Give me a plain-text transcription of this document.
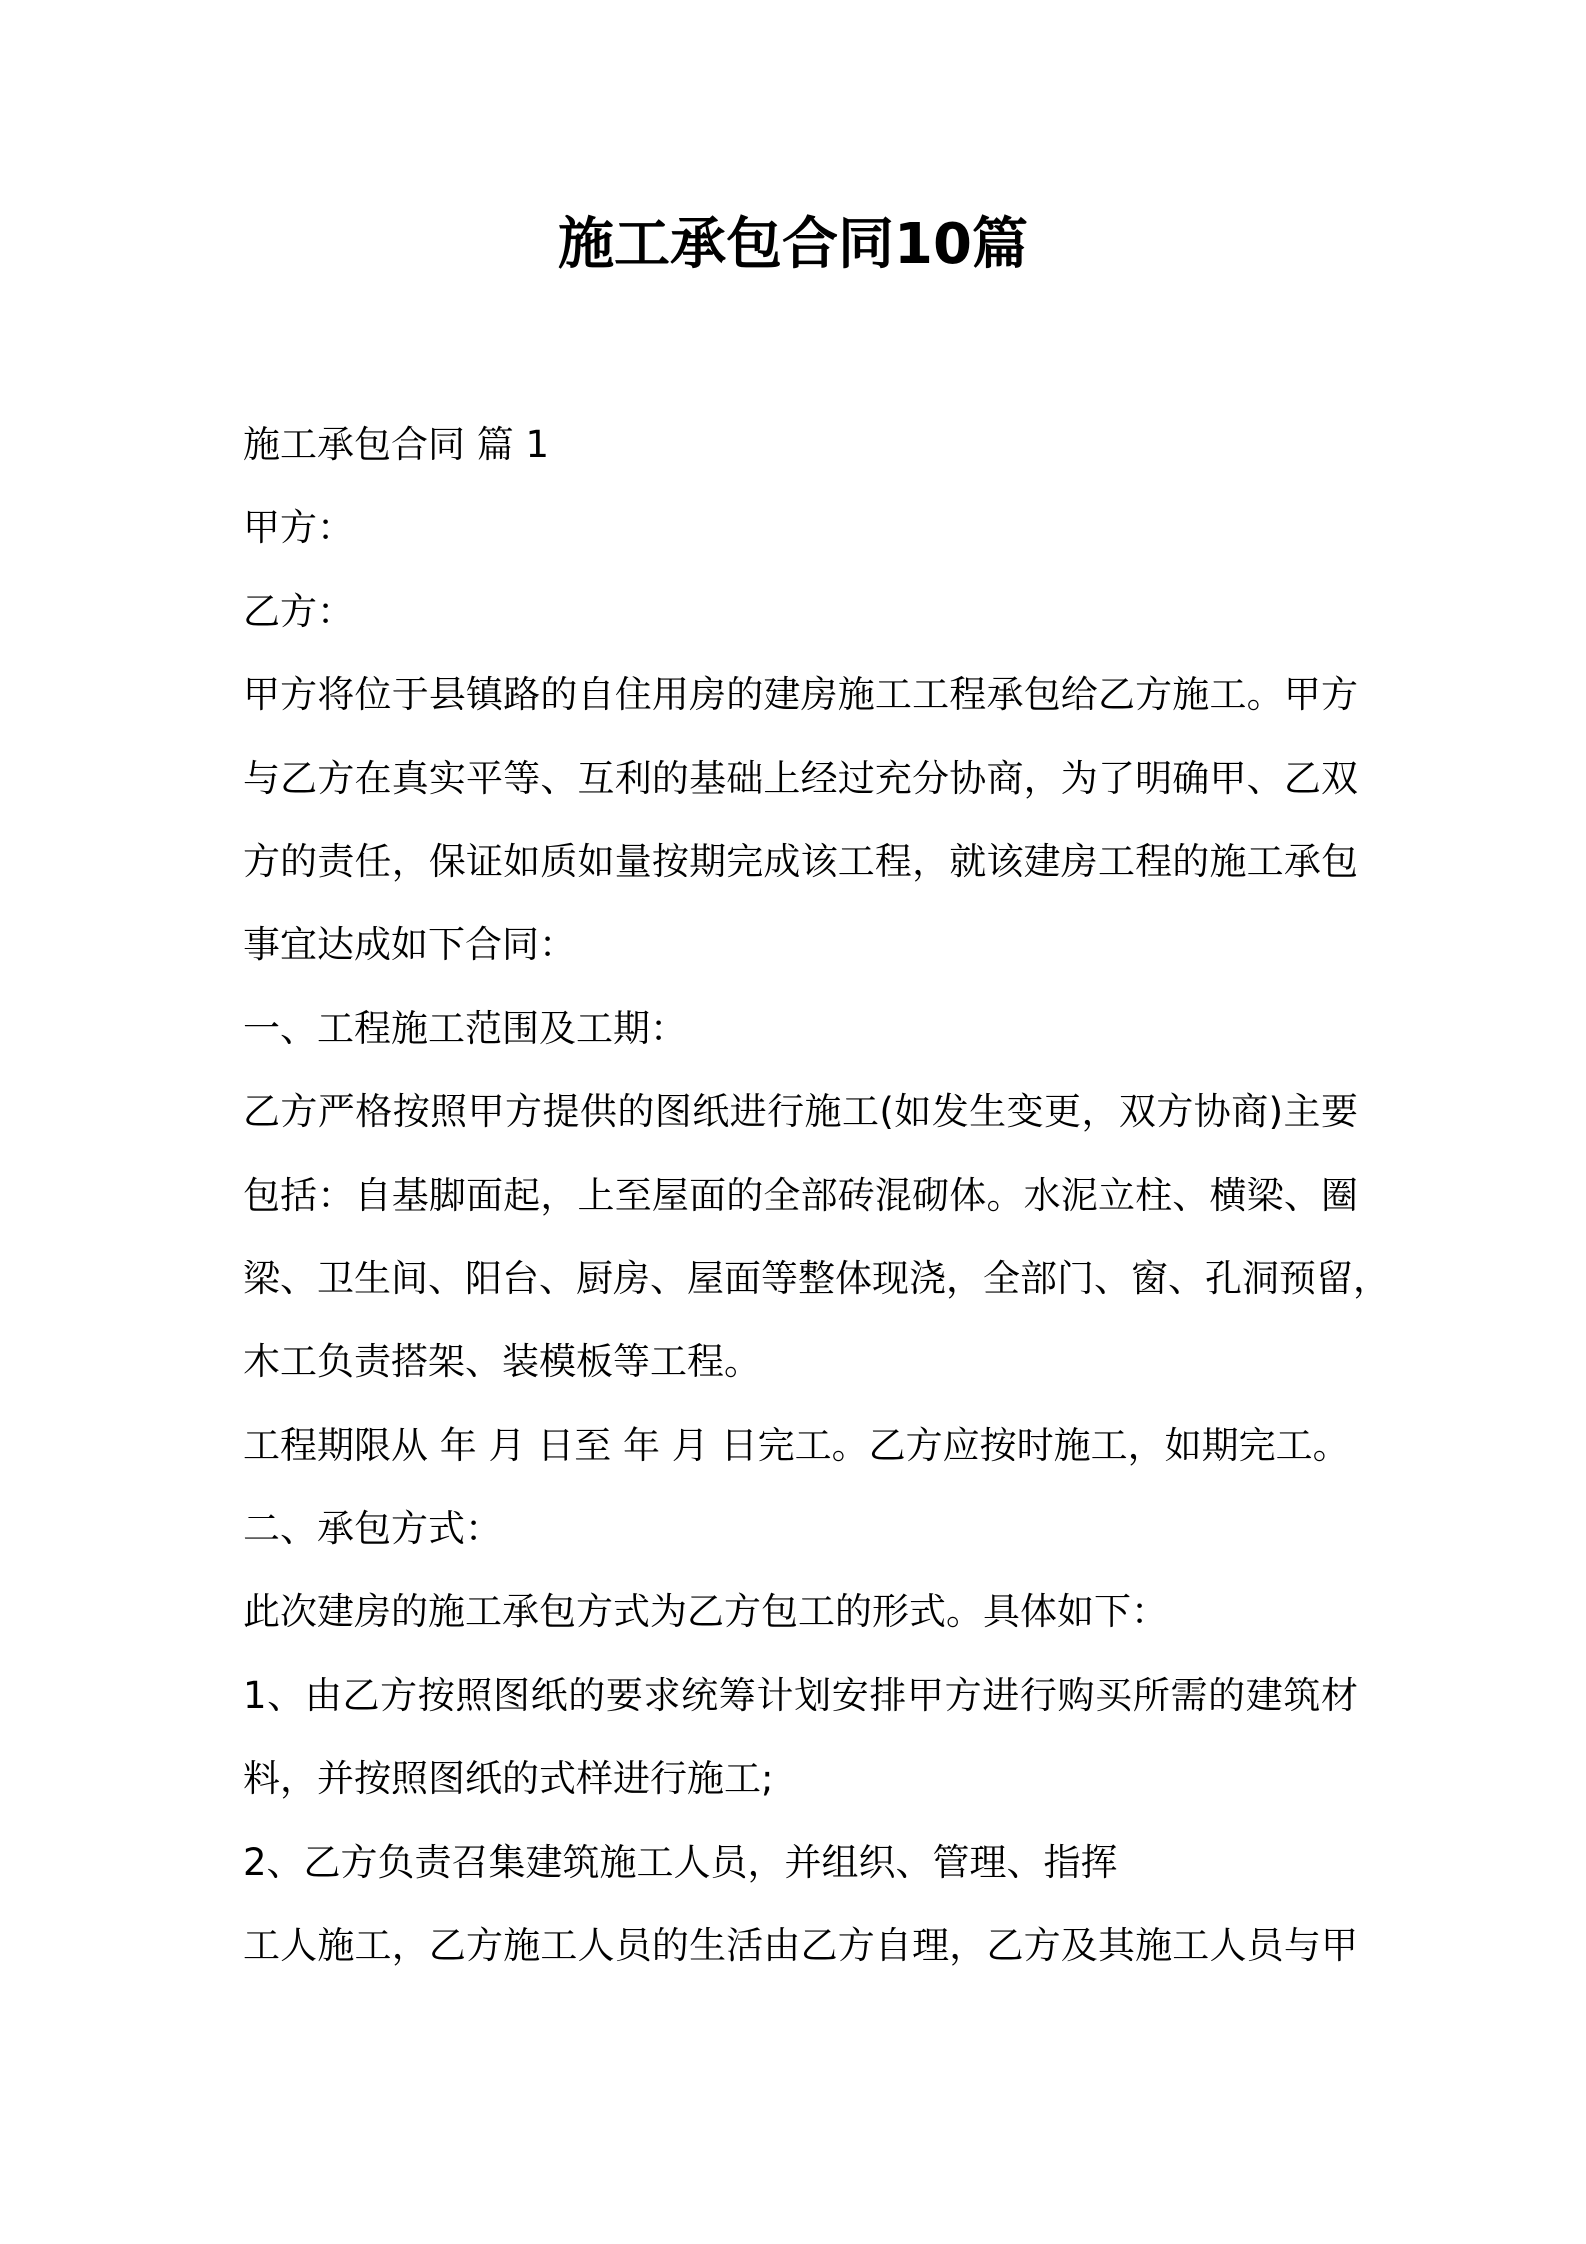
施工承包合同10篇
施工承包合同 篇 1
甲方：
乙方：
甲方将位于县镇路的自住用房的建房施工工程承包给乙方施工。甲方
与乙方在真实平等、互利的基础上经过充分协商，为了明确甲、乙双
方的责任，保证如质如量按期完成该工程，就该建房工程的施工承包
事宜达成如下合同：
一、工程施工范围及工期：
乙方严格按照甲方提供的图纸进行施工(如发生变更，双方协商)主要
包括：自基脚面起，上至屋面的全部砖混砌体。水泥立柱、横梁、圈
梁、卫生间、阳台、厨房、屋面等整体现浇，全部门、窗、孔洞预留，
木工负责搭架、装模板等工程。
工程期限从 年 月 日至 年 月 日完工。乙方应按时施工，如期完工。
二、承包方式：
此次建房的施工承包方式为乙方包工的形式。具体如下：
1、由乙方按照图纸的要求统筹计划安排甲方进行购买所需的建筑材
料，并按照图纸的式样进行施工;
2、乙方负责召集建筑施工人员，并组织、管理、指挥
工人施工，乙方施工人员的生活由乙方自理，乙方及其施工人员与甲
